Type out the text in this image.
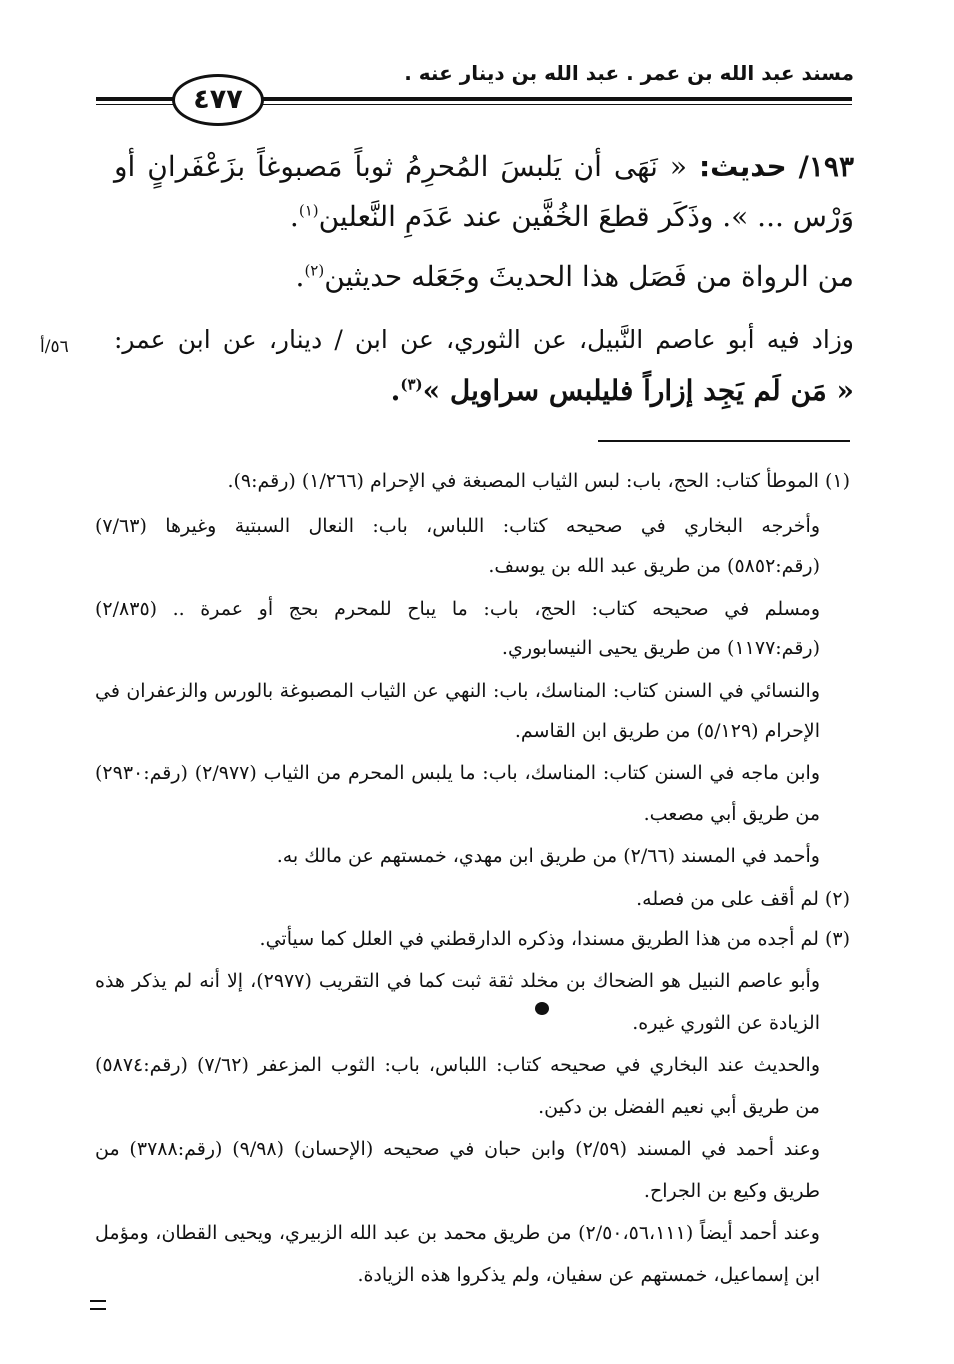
مسند عبد الله بن عمر . عبد الله بن دينار عنه .
٤٧٧
١٩٣/ حديث: « نَهَى أن يَلبسَ المُحرِمُ ثوباً مَصبوغاً بزَعْفَرانٍ أو
وَرْس ... ». وذَكَر قطعَ الخُفَّين عند عَدَمِ النَّعلين$^{(١)}$.
من الرواة من فَصَل هذا الحديثَ وجَعَله حديثين$^{(٢)}$.
وزاد فيه أبو عاصم النَّبيل، عن الثوري، عن ابن / دينار، عن ابن عمر:
« مَن لَم يَجِد إزاراً فليلبس سراويل »$^{(٣)}$.
٥٦/أ
(١) الموطأ كتاب: الحج، باب: لبس الثياب المصبغة في الإحرام (١/٢٦٦) (رقم:٩).
وأخرجه البخاري في صحيحه كتاب: اللباس، باب: النعال السبتية وغيرها (٧/٦٣)
(رقم:٥٨٥٢) من طريق عبد الله بن يوسف.
ومسلم في صحيحه كتاب: الحج، باب: ما يباح للمحرم بحج أو عمرة .. (٢/٨٣٥)
(رقم:١١٧٧) من طريق يحيى النيسابوري.
والنسائي في السنن كتاب: المناسك، باب: النهي عن الثياب المصبوغة بالورس والزعفران في
الإحرام (٥/١٢٩) من طريق ابن القاسم.
وابن ماجه في السنن كتاب: المناسك، باب: ما يلبس المحرم من الثياب (٢/٩٧٧) (رقم:٢٩٣٠)
من طريق أبي مصعب.
وأحمد في المسند (٢/٦٦) من طريق ابن مهدي، خمستهم عن مالك به.
(٢) لم أقف على من فصله.
(٣) لم أجده من هذا الطريق مسندا، وذكره الدارقطني في العلل كما سيأتي.
وأبو عاصم النبيل هو الضحاك بن مخلد ثقة ثبت كما في التقريب (٢٩٧٧)، إلا أنه لم يذكر هذه
الزيادة عن الثوري غيره.
والحديث عند البخاري في صحيحه كتاب: اللباس، باب: الثوب المزعفر (٧/٦٢) (رقم:٥٨٧٤)
من طريق أبي نعيم الفضل بن دكين.
وعند أحمد في المسند (٢/٥٩) وابن حبان في صحيحه (الإحسان) (٩/٩٨) (رقم:٣٧٨٨) من
طريق وكيع بن الجراح.
وعند أحمد أيضاً (٢/٥٠،٥٦،١١١) من طريق محمد بن عبد الله الزبيري، ويحيى القطان، ومؤمل
ابن إسماعيل، خمستهم عن سفيان، ولم يذكروا هذه الزيادة.
